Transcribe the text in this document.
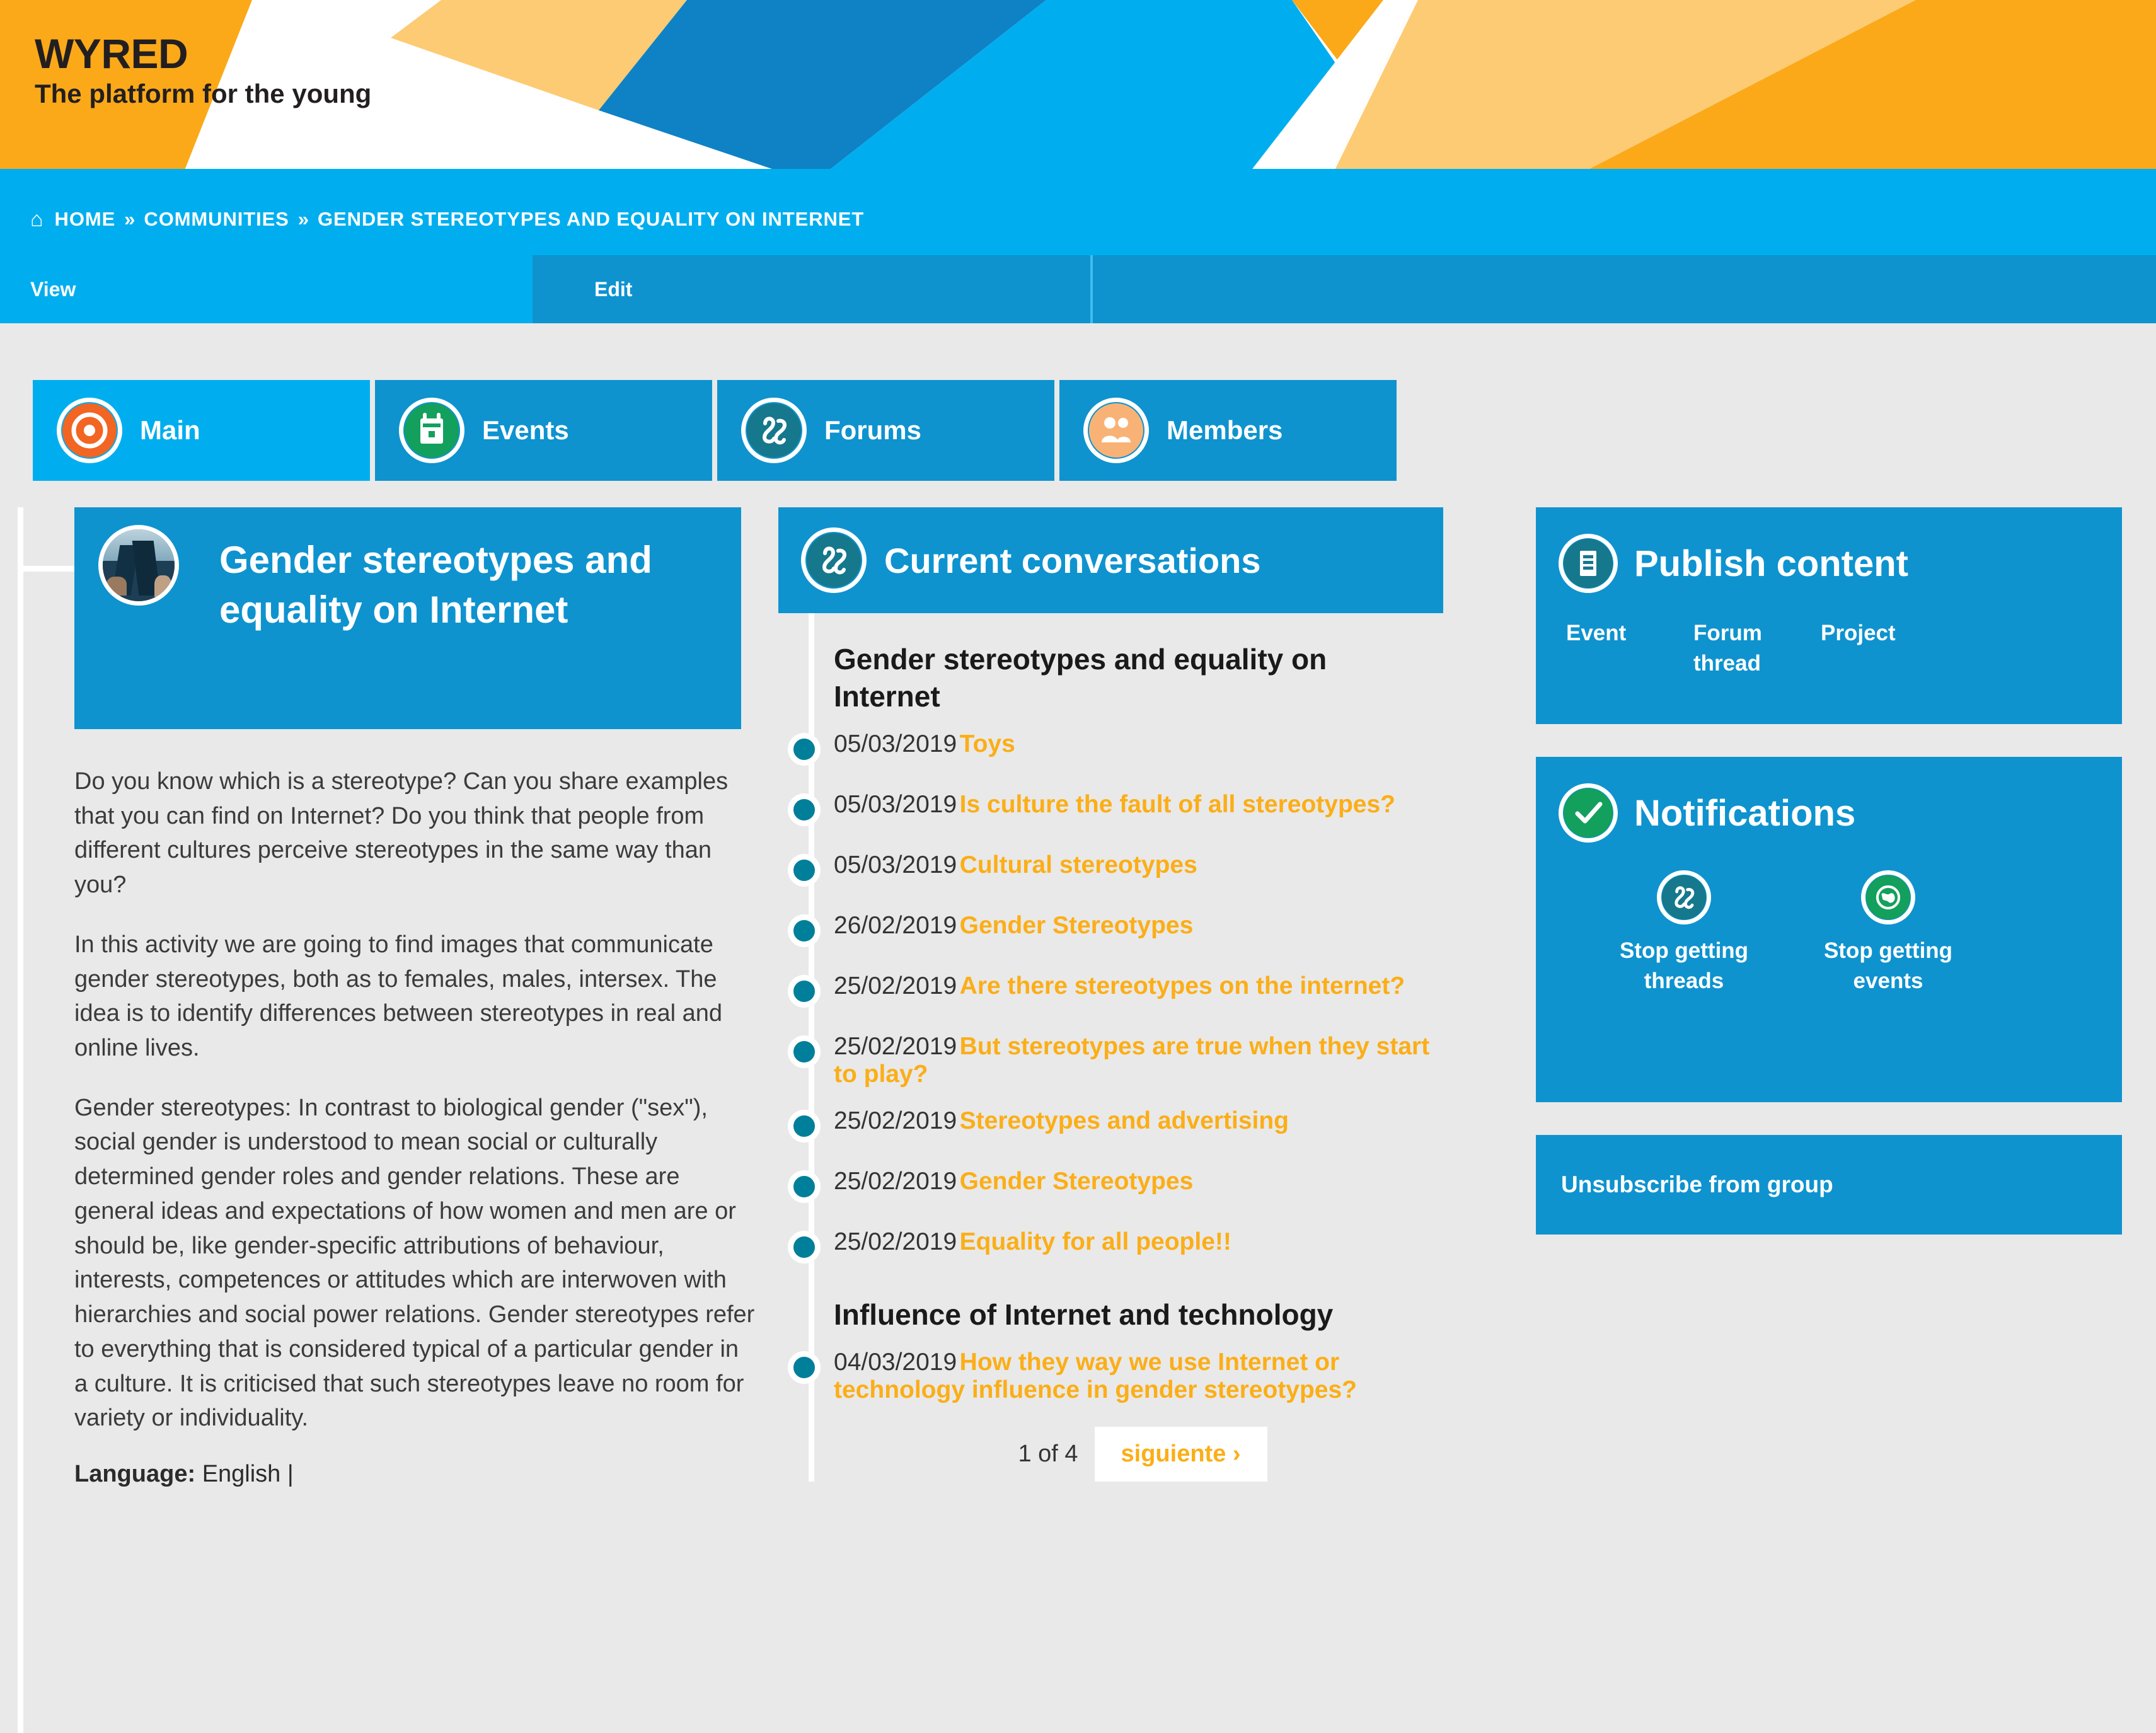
WYRED
The platform for the young
⌂ HOME » COMMUNITIES » GENDER STEREOTYPES AND EQUALITY ON INTERNET
View	Edit
Main	Events	Forums	Members
Gender stereotypes and equality on Internet

Do you know which is a stereotype? Can you share examples that you can find on Internet? Do you think that people from different cultures perceive stereotypes in the same way than you?

In this activity we are going to find images that communicate gender stereotypes, both as to females, males, intersex. The idea is to identify differences between stereotypes in real and online lives.

Gender stereotypes: In contrast to biological gender ("sex"), social gender is understood to mean social or culturally determined gender roles and gender relations. These are general ideas and expectations of how women and men are or should be, like gender-specific attributions of behaviour, interests, competences or attitudes which are interwoven with hierarchies and social power relations. Gender stereotypes refer to everything that is considered typical of a particular gender in a culture. It is criticised that such stereotypes leave no room for variety or individuality.

Language: English |
Current conversations
Gender stereotypes and equality on Internet
05/03/2019 Toys
05/03/2019 Is culture the fault of all stereotypes?
05/03/2019 Cultural stereotypes
26/02/2019 Gender Stereotypes
25/02/2019 Are there stereotypes on the internet?
25/02/2019 But stereotypes are true when they start to play?
25/02/2019 Stereotypes and advertising
25/02/2019 Gender Stereotypes
25/02/2019 Equality for all people!!
Influence of Internet and technology
04/03/2019 How they way we use Internet or technology influence in gender stereotypes?
1 of 4	siguiente ›
Publish content
Event	Forum thread
Project
Notifications
Stop getting threads
Stop getting events
Unsubscribe from group
